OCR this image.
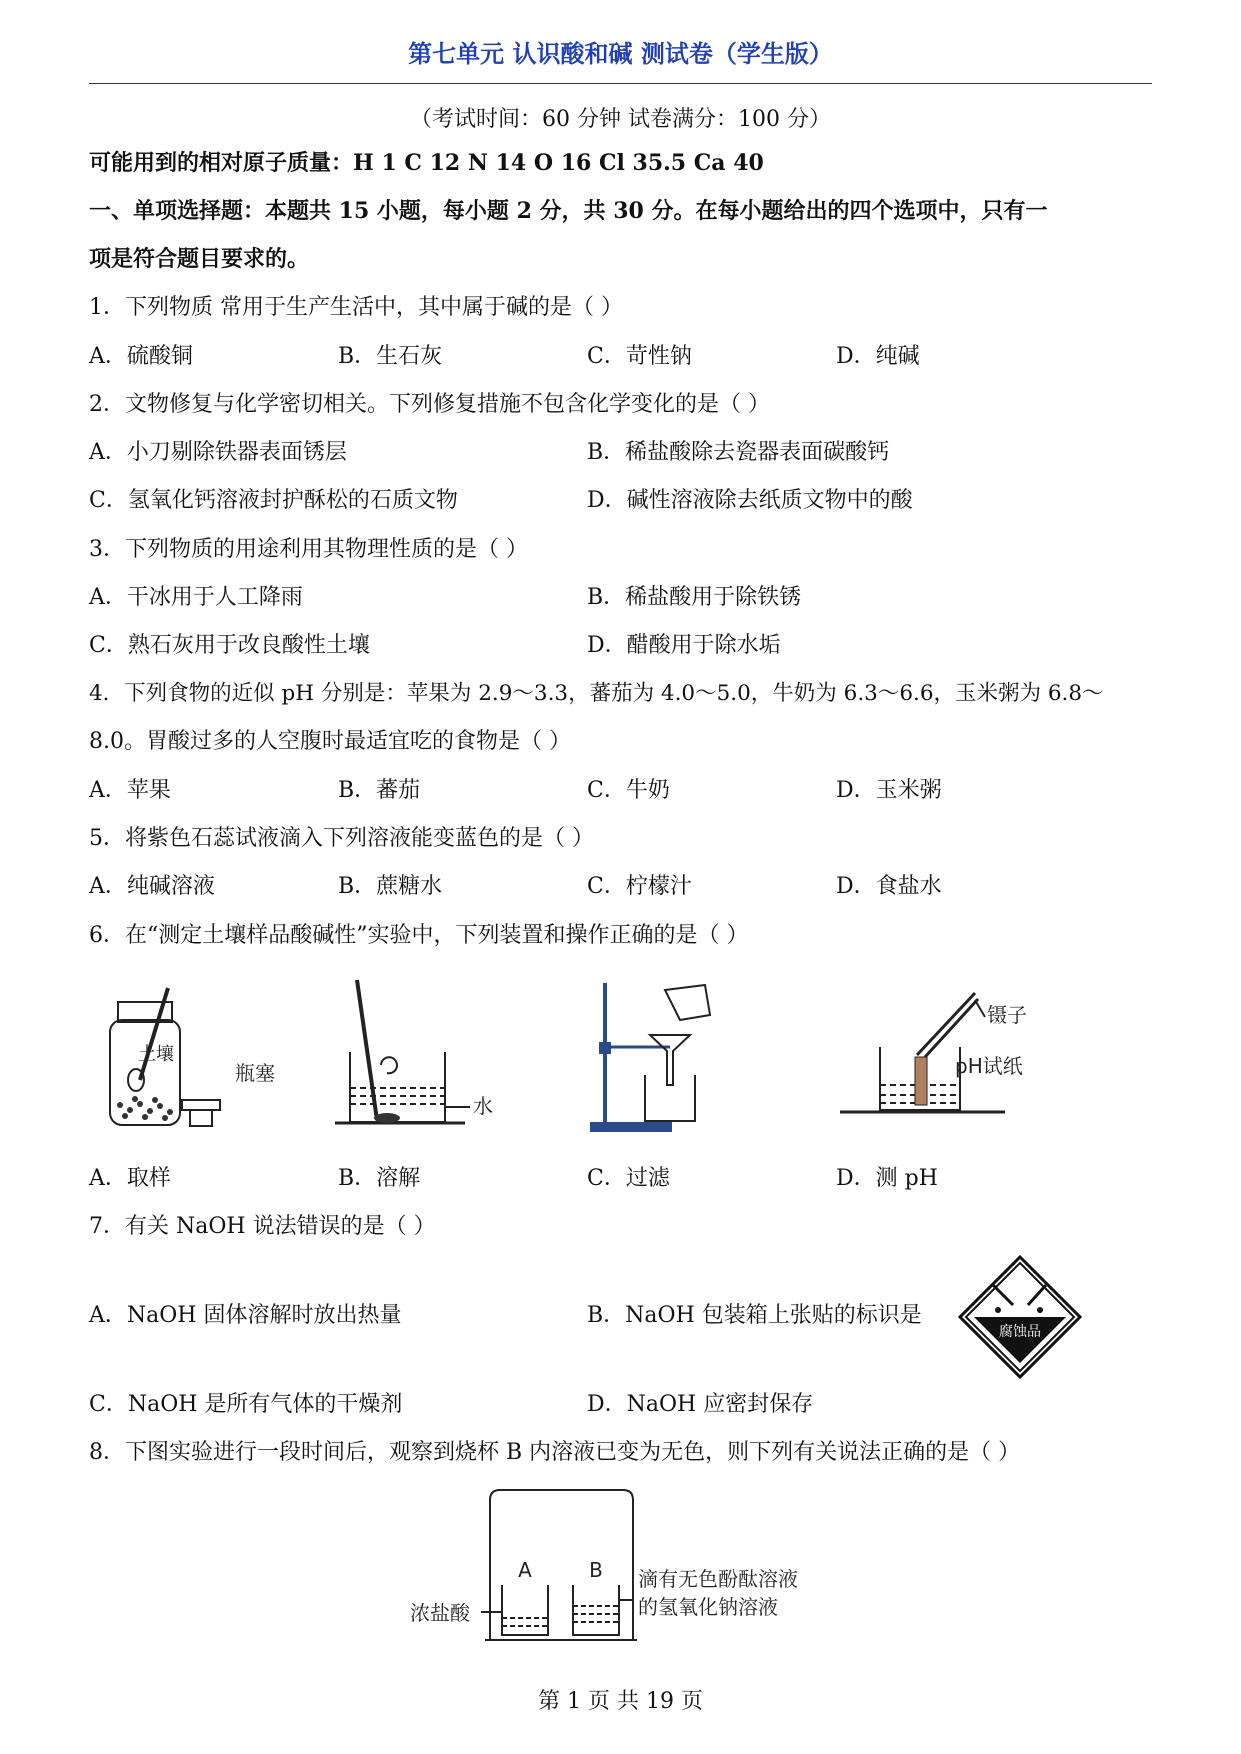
第七单元 认识酸和碱 测试卷（学生版）
（考试时间：60 分钟 试卷满分：100 分）
可能用到的相对原子质量：H 1 C 12 N 14 O 16 Cl 35.5 Ca 40
一、单项选择题：本题共 15 小题，每小题 2 分，共 30 分。在每小题给出的四个选项中，只有一
项是符合题目要求的。
1．下列物质 常用于生产生活中，其中属于碱的是（ ）
A．硫酸铜	B．生石灰	C．苛性钠	D．纯碱
2．文物修复与化学密切相关。下列修复措施不包含化学变化的是（ ）
A．小刀剔除铁器表面锈层	B．稀盐酸除去瓷器表面碳酸钙
C．氢氧化钙溶液封护酥松的石质文物	D．碱性溶液除去纸质文物中的酸
3．下列物质的用途利用其物理性质的是（ ）
A．干冰用于人工降雨	B．稀盐酸用于除铁锈
C．熟石灰用于改良酸性土壤	D．醋酸用于除水垢
4．下列食物的近似 pH 分别是：苹果为 2.9～3.3，蕃茄为 4.0～5.0，牛奶为 6.3～6.6，玉米粥为 6.8～
8.0。胃酸过多的人空腹时最适宜吃的食物是（ ）
A．苹果	B．蕃茄	C．牛奶	D．玉米粥
5．将紫色石蕊试液滴入下列溶液能变蓝色的是（ ）
A．纯碱溶液	B．蔗糖水	C．柠檬汁	D．食盐水
6．在“测定土壤样品酸碱性”实验中，下列装置和操作正确的是（ ）
土壤
瓶塞
水
镊子
pH试纸
A．取样	B．溶解	C．过滤	D．测 pH
7．有关 NaOH 说法错误的是（ ）
A．NaOH 固体溶解时放出热量	B．NaOH 包装箱上张贴的标识是
腐蚀品
C．NaOH 是所有气体的干燥剂	D．NaOH 应密封保存
8．下图实验进行一段时间后，观察到烧杯 B 内溶液已变为无色，则下列有关说法正确的是（ ）
A	B
浓盐酸
滴有无色酚酞溶液
的氢氧化钠溶液
第 1 页 共 19 页
